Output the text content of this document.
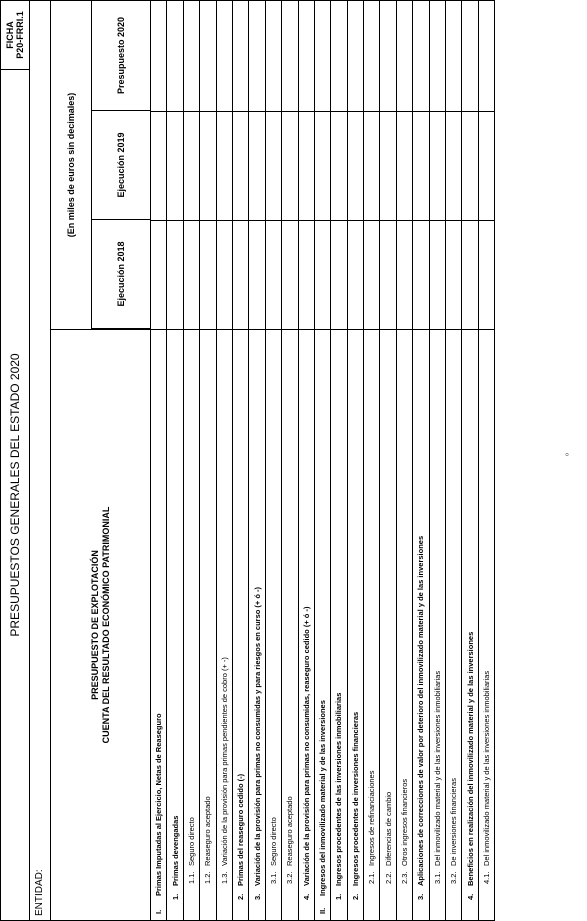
PRESUPUESTOS GENERALES DEL ESTADO 2020
FICHA P20-FRRI.1
ENTIDAD:
PRESUPUESTO DE EXPLOTACIÓN CUENTA DEL RESULTADO ECONÓMICO PATRIMONIAL
(En miles de euros sin decimales)
Ejecución 2018
Ejecución 2019
Presupuesto 2020
I.
Primas Imputadas al Ejercicio, Netas de Reaseguro
1.
Primas devengadas 1.1.
Seguro directo
1.2.
Reaseguro aceptado
1.3.
Variación de la provisión para primas pendientes de cobro (+ -)
2.
Primas del reaseguro cedido (-)
3.
Variación de la provisión para primas no consumidas y para riesgos en curso (+ ó -) 3.1.
Seguro directo
3.2.
Reaseguro aceptado
4.
Variación de la provisión para primas no consumidas, reaseguro cedido (+ ó -)
II.
Ingresos del inmovilizado material y de las inversiones
1.
Ingresos procedentes de las inversiones inmobiliarias
2.
Ingresos procedentes de inversiones financieras 2.1.
Ingresos de refinanciaciones
2.2.
Diferencias de cambio
2.3.
Otros ingresos financieros
3.
Aplicaciones de correcciones de valor por deterioro del inmovilizado material y de las inversiones 3.1.
Del inmovilizado material y de las inversiones inmobiliarias
3.2.
De inversiones financieras
4.
Beneficios en realización del inmovilizado material y de las inversiones 4.1.
Del inmovilizado material y de las inversiones inmobiliarias
º
